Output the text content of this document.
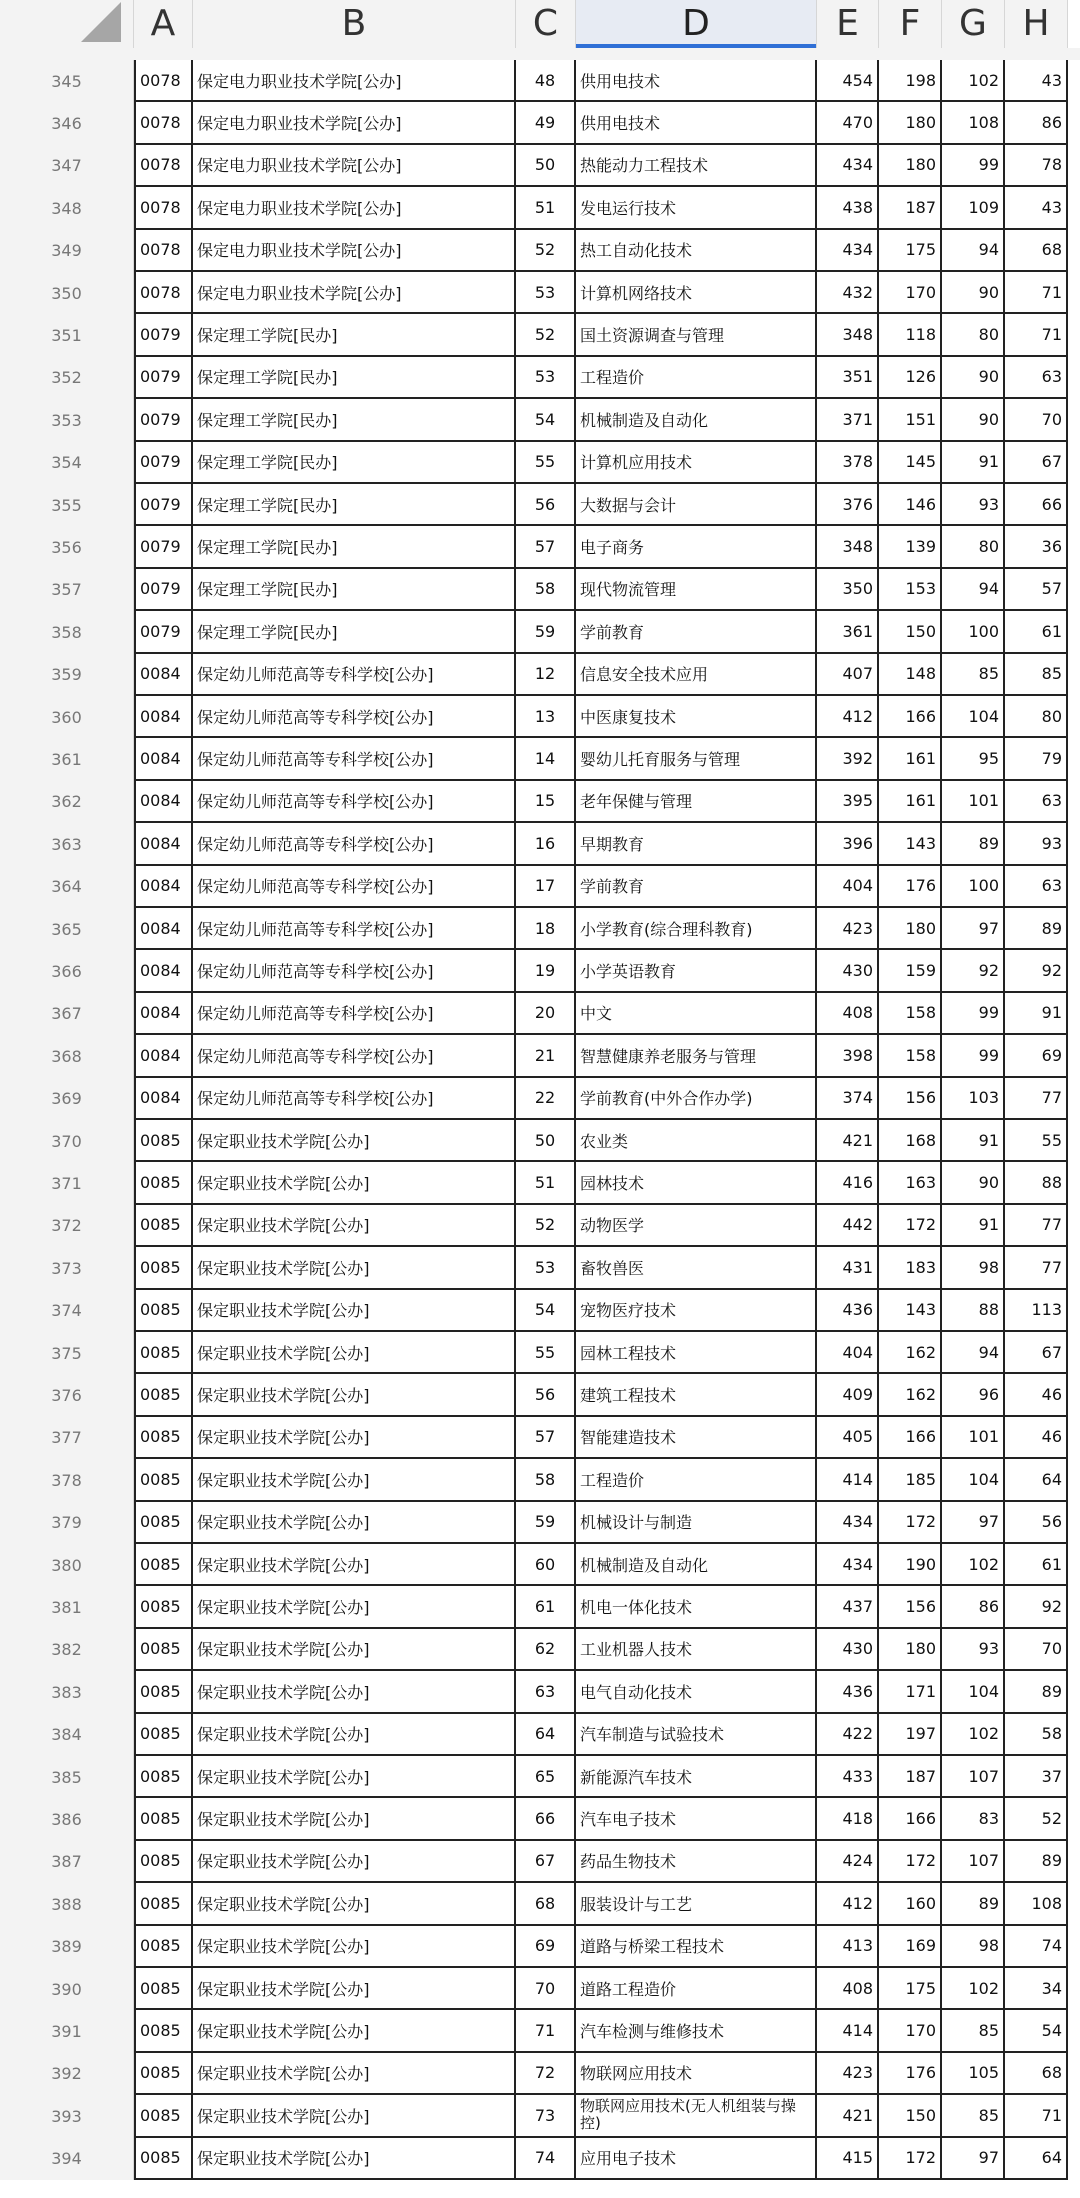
A	B	C	D	E	F	G H
345	0078	保定电力职业技术学院[公办]	48	供用电技术	454	198	102	43
346	0078	保定电力职业技术学院[公办]	49	供用电技术	470	180	108	86
347	0078	保定电力职业技术学院[公办]	50	热能动力工程技术	434	180	99	78
348	0078	保定电力职业技术学院[公办]	51	发电运行技术	438	187	109	43
349	0078	保定电力职业技术学院[公办]	52	热工自动化技术	434	175	94	68
350	0078	保定电力职业技术学院[公办]	53	计算机网络技术	432	170	90	71
351	0079	保定理工学院[民办]	52	国土资源调查与管理	348	118	80	71
352	0079	保定理工学院[民办]	53	工程造价	351	126	90	63
353	0079	保定理工学院[民办]	54	机械制造及自动化	371	151	90	70
354	0079	保定理工学院[民办]	55	计算机应用技术	378	145	91	67
355	0079	保定理工学院[民办]	56	大数据与会计	376	146	93	66
356	0079	保定理工学院[民办]	57	电子商务	348	139	80	36
357	0079	保定理工学院[民办]	58	现代物流管理	350	153	94	57
358	0079	保定理工学院[民办]	59	学前教育	361	150	100	61
359	0084	保定幼儿师范高等专科学校[公办]	12	信息安全技术应用	407	148	85	85
360	0084	保定幼儿师范高等专科学校[公办]	13	中医康复技术	412	166	104	80
361	0084	保定幼儿师范高等专科学校[公办]	14	婴幼儿托育服务与管理	392	161	95	79
362	0084	保定幼儿师范高等专科学校[公办]	15	老年保健与管理	395	161	101	63
363	0084	保定幼儿师范高等专科学校[公办]	16	早期教育	396	143	89	93
364	0084	保定幼儿师范高等专科学校[公办]	17	学前教育	404	176	100	63
365	0084	保定幼儿师范高等专科学校[公办]	18	小学教育(综合理科教育)	423	180	97	89
366	0084	保定幼儿师范高等专科学校[公办]	19	小学英语教育	430	159	92	92
367	0084	保定幼儿师范高等专科学校[公办]	20	中文	408	158	99	91
368	0084	保定幼儿师范高等专科学校[公办]	21	智慧健康养老服务与管理	398	158	99	69
369	0084	保定幼儿师范高等专科学校[公办]	22	学前教育(中外合作办学)	374	156	103	77
370	0085	保定职业技术学院[公办]	50	农业类	421	168	91	55
371	0085	保定职业技术学院[公办]	51	园林技术	416	163	90	88
372	0085	保定职业技术学院[公办]	52	动物医学	442	172	91	77
373	0085	保定职业技术学院[公办]	53	畜牧兽医	431	183	98	77
374	0085	保定职业技术学院[公办]	54	宠物医疗技术	436	143	88	113
375	0085	保定职业技术学院[公办]	55	园林工程技术	404	162	94	67
376	0085	保定职业技术学院[公办]	56	建筑工程技术	409	162	96	46
377	0085	保定职业技术学院[公办]	57	智能建造技术	405	166	101	46
378	0085	保定职业技术学院[公办]	58	工程造价	414	185	104	64
379	0085	保定职业技术学院[公办]	59	机械设计与制造	434	172	97	56
380	0085	保定职业技术学院[公办]	60	机械制造及自动化	434	190	102	61
381	0085	保定职业技术学院[公办]	61	机电一体化技术	437	156	86	92
382	0085	保定职业技术学院[公办]	62	工业机器人技术	430	180	93	70
383	0085	保定职业技术学院[公办]	63	电气自动化技术	436	171	104	89
384	0085	保定职业技术学院[公办]	64	汽车制造与试验技术	422	197	102	58
385	0085	保定职业技术学院[公办]	65	新能源汽车技术	433	187	107	37
386	0085	保定职业技术学院[公办]	66	汽车电子技术	418	166	83	52
387	0085	保定职业技术学院[公办]	67	药品生物技术	424	172	107	89
388	0085	保定职业技术学院[公办]	68	服装设计与工艺	412	160	89	108
389	0085	保定职业技术学院[公办]	69	道路与桥梁工程技术	413	169	98	74
390	0085	保定职业技术学院[公办]	70	道路工程造价	408	175	102	34
391	0085	保定职业技术学院[公办]	71	汽车检测与维修技术	414	170	85	54
392	0085	保定职业技术学院[公办]	72	物联网应用技术	423	176	105	68
393	0085	保定职业技术学院[公办]	73	物联网应用技术(无人机组装与操控)	421	150	85	71
394	0085	保定职业技术学院[公办]	74	应用电子技术	415	172	97	64
